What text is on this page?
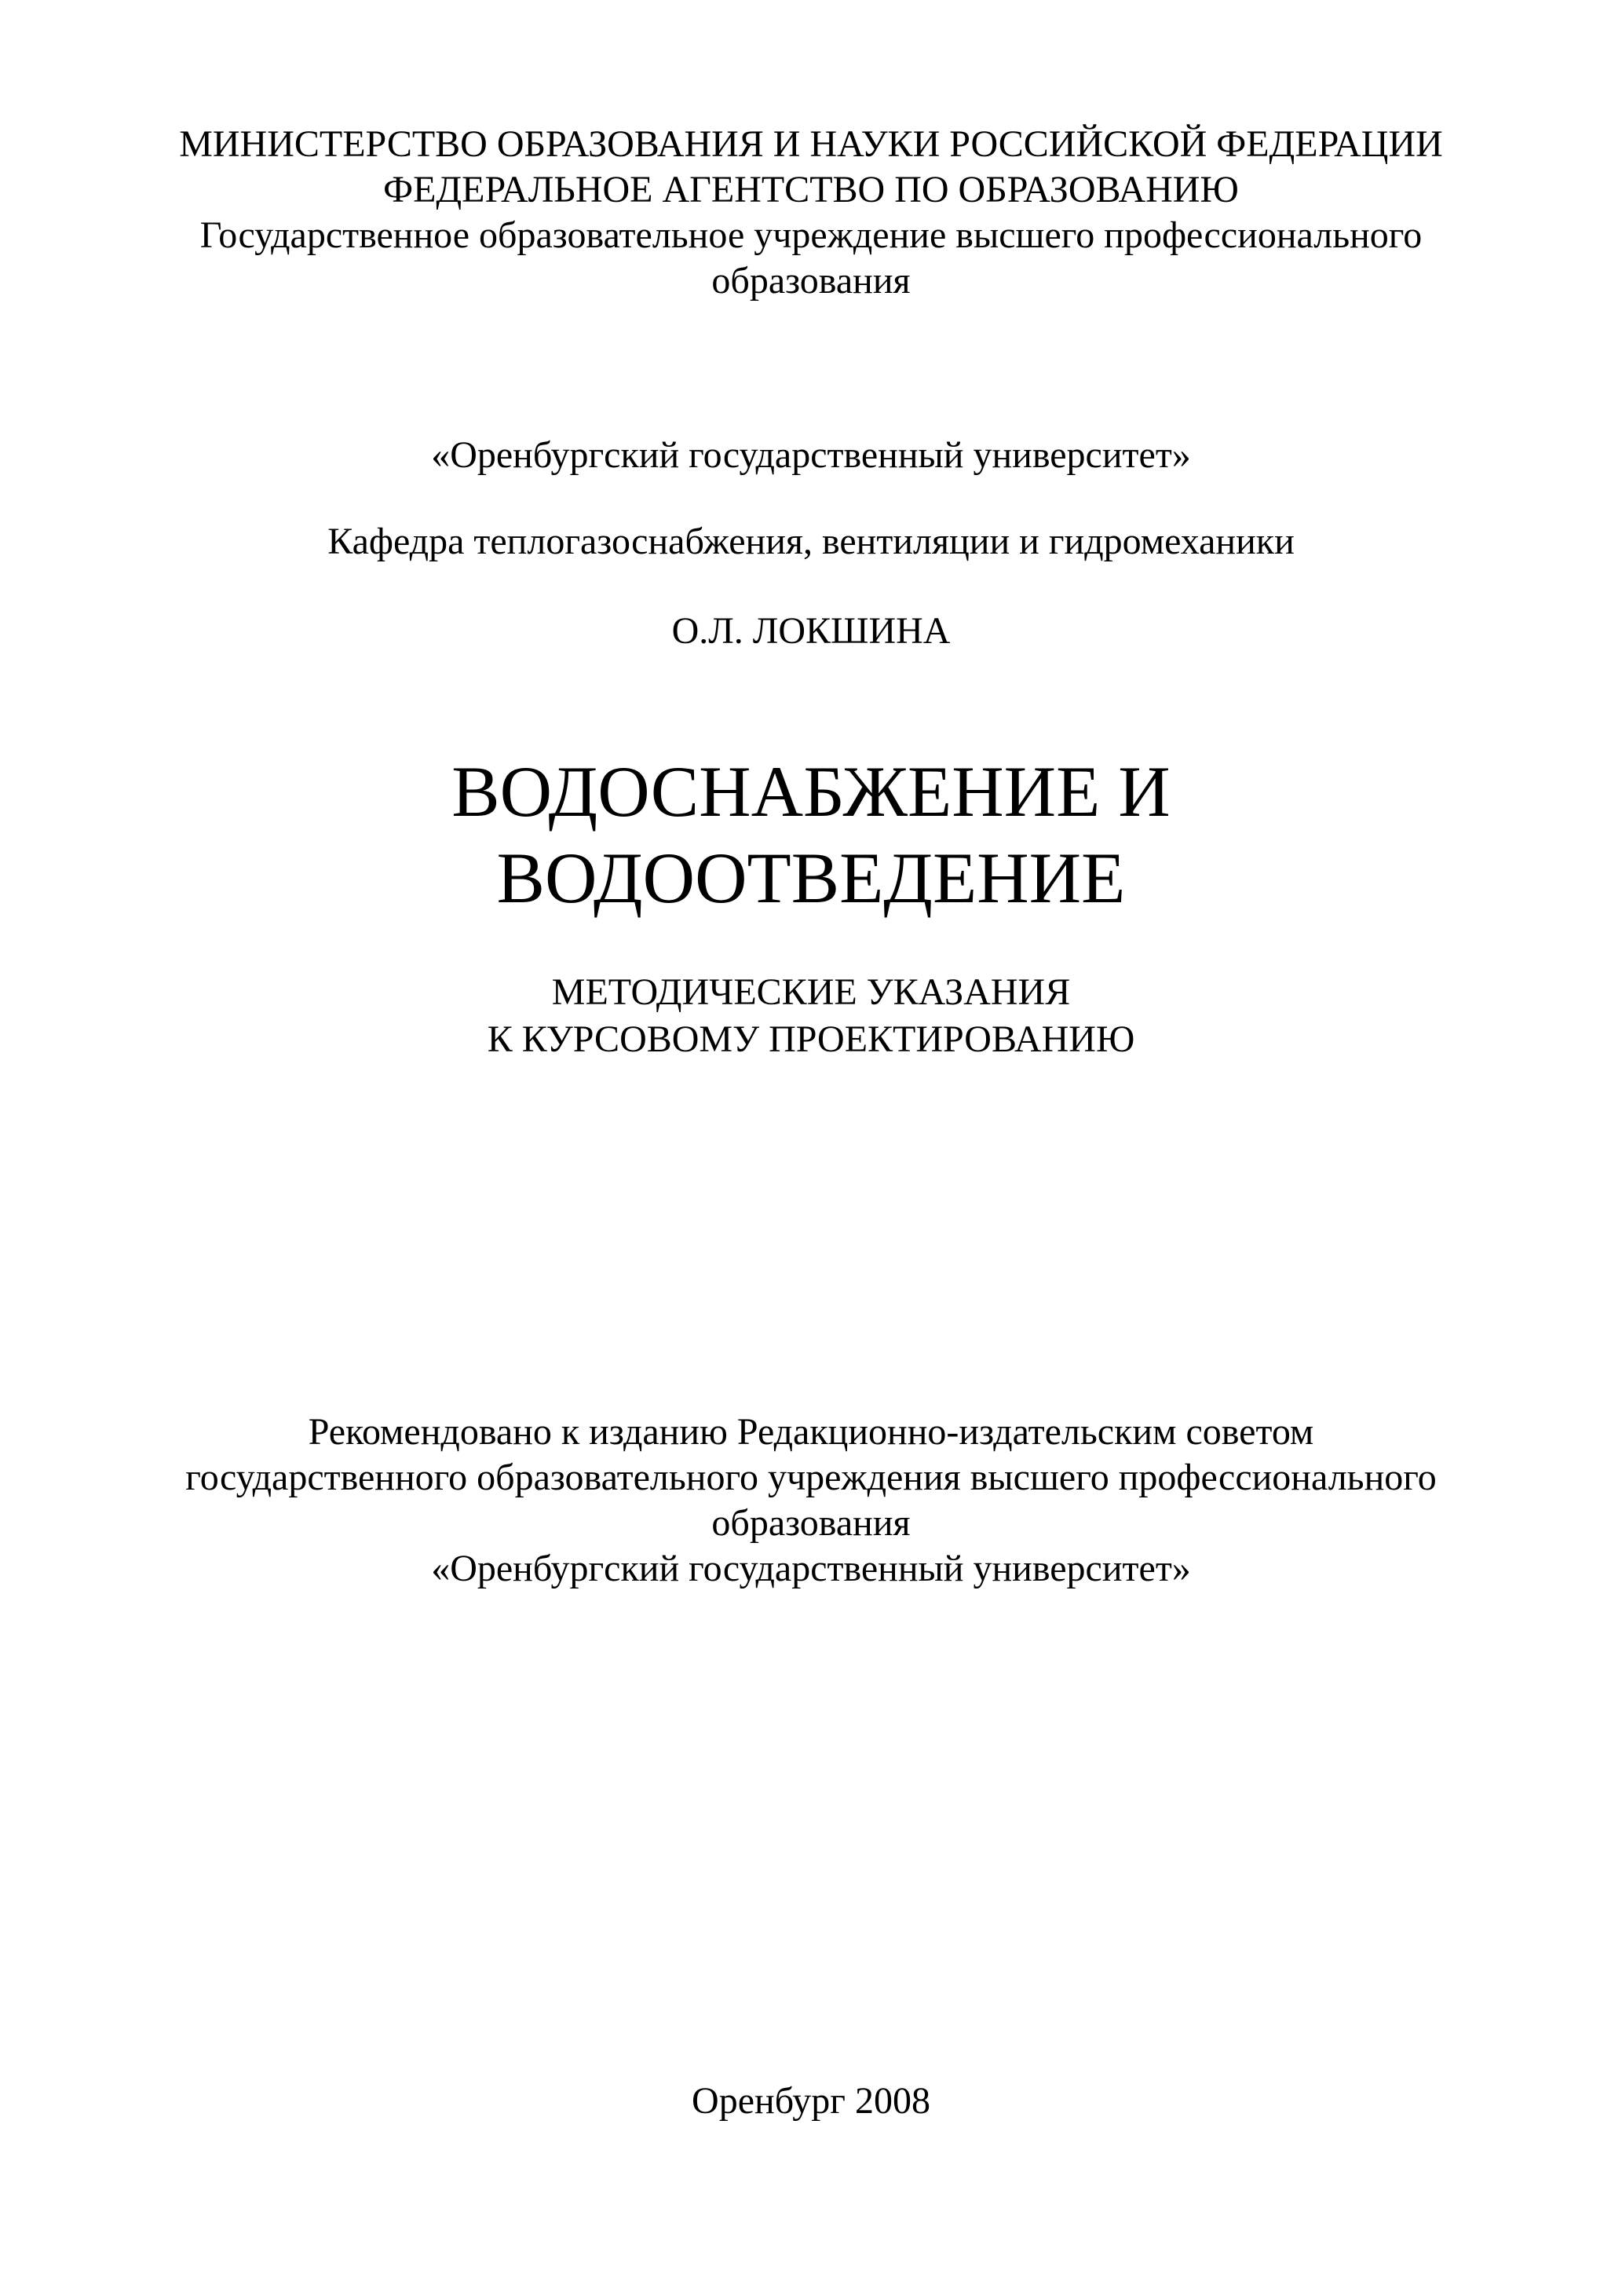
МИНИСТЕРСТВО ОБРАЗОВАНИЯ И НАУКИ РОССИЙСКОЙ ФЕДЕРАЦИИ
ФЕДЕРАЛЬНОЕ АГЕНТСТВО ПО ОБРАЗОВАНИЮ
Государственное образовательное учреждение высшего профессионального
образования
«Оренбургский государственный университет»
Кафедра теплогазоснабжения, вентиляции и гидромеханики
О.Л. ЛОКШИНА
ВОДОСНАБЖЕНИЕ И
ВОДООТВЕДЕНИЕ
МЕТОДИЧЕСКИЕ УКАЗАНИЯ
К КУРСОВОМУ ПРОЕКТИРОВАНИЮ
Рекомендовано к изданию Редакционно-издательским советом
государственного образовательного учреждения высшего профессионального
образования
«Оренбургский государственный университет»
Оренбург 2008
